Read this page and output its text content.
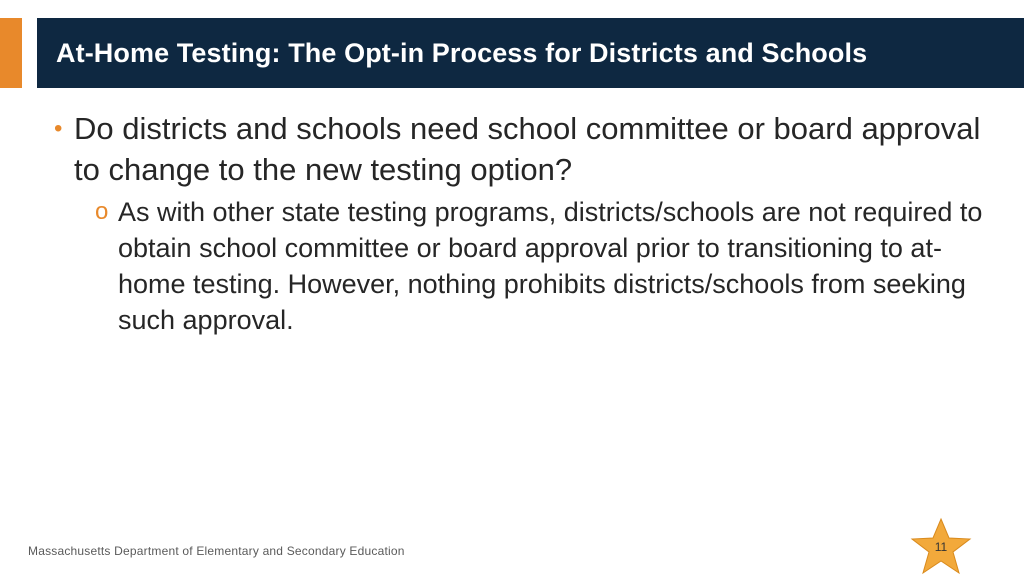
At-Home Testing: The Opt-in Process for Districts and Schools
• Do districts and schools need school committee or board approval to change to the new testing option?
o As with other state testing programs, districts/schools are not required to obtain school committee or board approval prior to transitioning to at-home testing. However, nothing prohibits districts/schools from seeking such approval.
Massachusetts Department of Elementary and Secondary Education	11
